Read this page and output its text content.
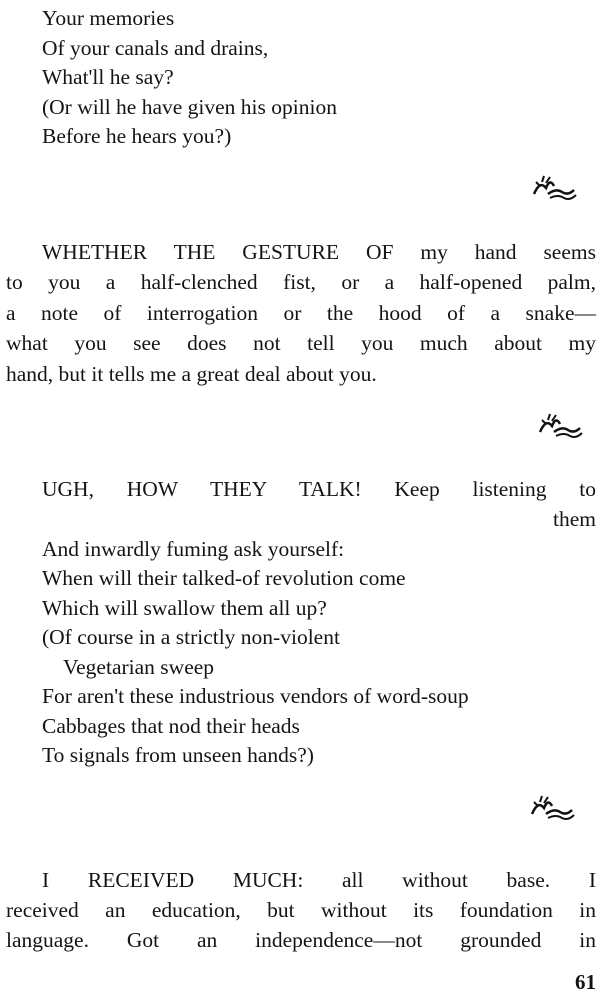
Your memories
Of your canals and drains,
What'll he say?
(Or will he have given his opinion
Before he hears you?)
WHETHER THE GESTURE OF my hand seems
to you a half-clenched fist, or a half-opened palm,
a note of interrogation or the hood of a snake—
what you see does not tell you much about my
hand, but it tells me a great deal about you.
UGH, HOW THEY TALK! Keep listening to
them
And inwardly fuming ask yourself:
When will their talked-of revolution come
Which will swallow them all up?
(Of course in a strictly non-violent
Vegetarian sweep
For aren't these industrious vendors of word-soup
Cabbages that nod their heads
To signals from unseen hands?)
I RECEIVED MUCH: all without base. I
received an education, but without its foundation in
language. Got an independence—not grounded in
61
